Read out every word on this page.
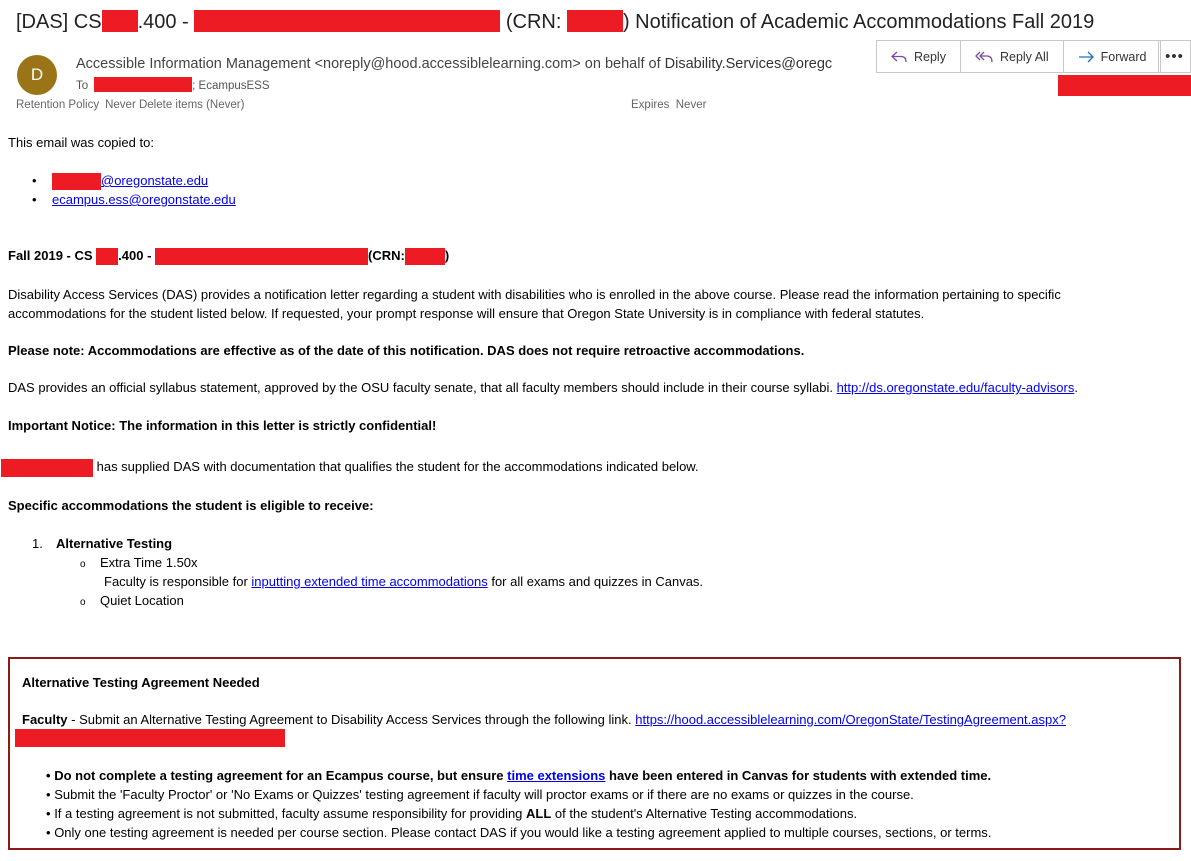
[DAS] CS .400 -	(CRN:	) Notification of Academic Accommodations Fall 2019
D
Accessible Information Management <noreply@hood.accessiblelearning.com> on behalf of Disability.Services@oregc
To	; EcampusESS
Retention Policy Never Delete items (Never)	Expires Never
Reply	Reply All	Forward	•••

This email was copied to:

• @oregonstate.edu
• ecampus.ess@oregonstate.edu

Fall 2019 - CS .400 -	(CRN:	)

Disability Access Services (DAS) provides a notification letter regarding a student with disabilities who is enrolled in the above course. Please read the information pertaining to specific accommodations for the student listed below. If requested, your prompt response will ensure that Oregon State University is in compliance with federal statutes.

Please note: Accommodations are effective as of the date of this notification. DAS does not require retroactive accommodations.

DAS provides an official syllabus statement, approved by the OSU faculty senate, that all faculty members should include in their course syllabi. http://ds.oregonstate.edu/faculty-advisors.

Important Notice: The information in this letter is strictly confidential!

has supplied DAS with documentation that qualifies the student for the accommodations indicated below.

Specific accommodations the student is eligible to receive:

1. Alternative Testing
o Extra Time 1.50x
Faculty is responsible for inputting extended time accommodations for all exams and quizzes in Canvas.
o Quiet Location

Alternative Testing Agreement Needed

Faculty - Submit an Alternative Testing Agreement to Disability Access Services through the following link. https://hood.accessiblelearning.com/OregonState/TestingAgreement.aspx?

• Do not complete a testing agreement for an Ecampus course, but ensure time extensions have been entered in Canvas for students with extended time.
• Submit the 'Faculty Proctor' or 'No Exams or Quizzes' testing agreement if faculty will proctor exams or if there are no exams or quizzes in the course.
• If a testing agreement is not submitted, faculty assume responsibility for providing ALL of the student's Alternative Testing accommodations.
• Only one testing agreement is needed per course section. Please contact DAS if you would like a testing agreement applied to multiple courses, sections, or terms.
